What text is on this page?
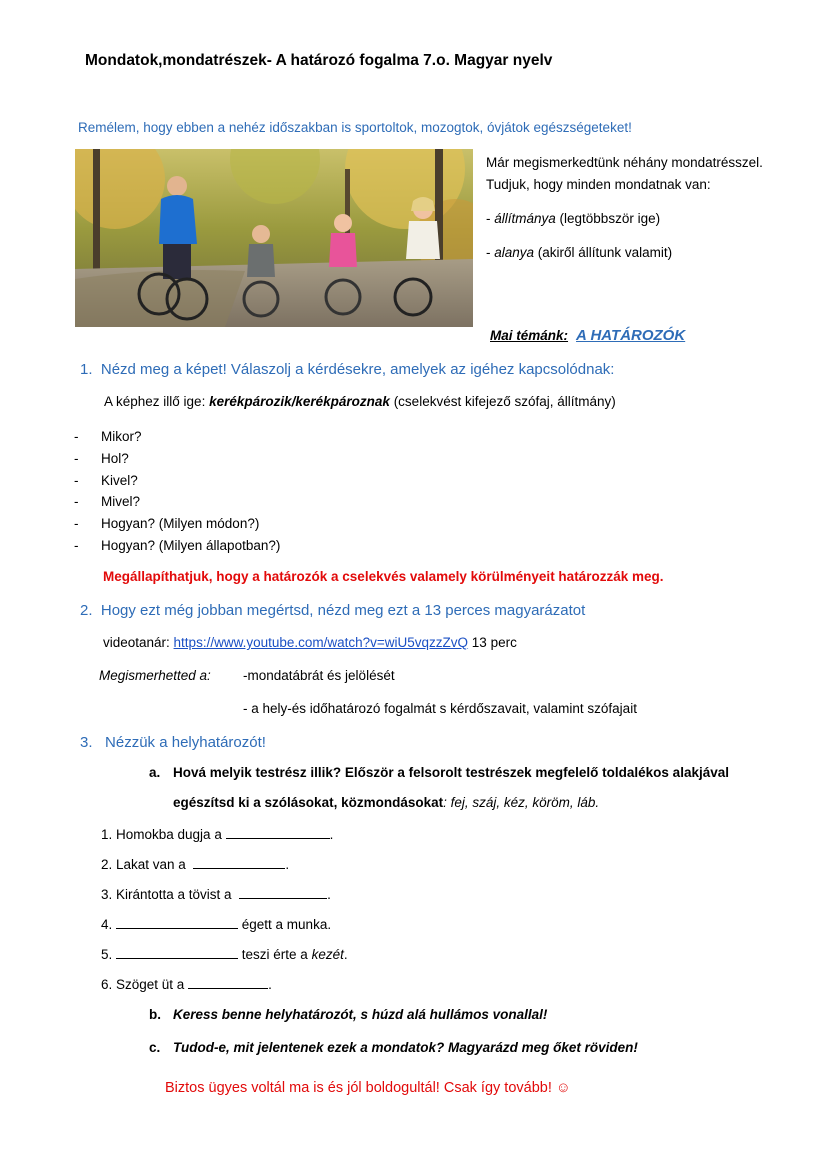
Mondatok,mondatrészek- A határozó fogalma 7.o. Magyar nyelv
Remélem, hogy ebben a nehéz időszakban is sportoltok, mozogtok, óvjátok egészségeteket!

Már megismerkedtünk néhány mondatrésszel. Tudjuk, hogy minden mondatnak van:

- állítmánya (legtöbbször ige)

- alanya (akiről állítunk valamit)

Mai témánk: A HATÁROZÓK
1. Nézd meg a képet! Válaszolj a kérdésekre, amelyek az igéhez kapcsolódnak:
A képhez illő ige: kerékpározik/kerékpároznak (cselekvést kifejező szófaj, állítmány)
- Mikor?
- Hol?
- Kivel?
- Mivel?
- Hogyan? (Milyen módon?)
- Hogyan? (Milyen állapotban?)
Megállapíthatjuk, hogy a határozók a cselekvés valamely körülményeit határozzák meg.
2. Hogy ezt még jobban megértsd, nézd meg ezt a 13 perces magyarázatot
videotanár: https://www.youtube.com/watch?v=wiU5vqzzZvQ 13 perc
Megismerhetted a: -mondatábrát és jelölését
- a hely-és időhatározó fogalmát s kérdőszavait, valamint szófajait
3. Nézzük a helyhatározót!
a. Hová melyik testrész illik? Először a felsorolt testrészek megfelelő toldalékos alakjával
egészítsd ki a szólásokat, közmondásokat: fej, száj, kéz, köröm, láb.
1. Homokba dugja a	.
2. Lakat van a	.
3. Kirántotta a tövist a	.
4.	égett a munka.
5.	teszi érte a kezét.
6. Szöget üt a	.
b. Keress benne helyhatározót, s húzd alá hullámos vonallal!
c. Tudod-e, mit jelentenek ezek a mondatok? Magyarázd meg őket röviden!
Biztos ügyes voltál ma is és jól boldogultál! Csak így tovább! ☺
